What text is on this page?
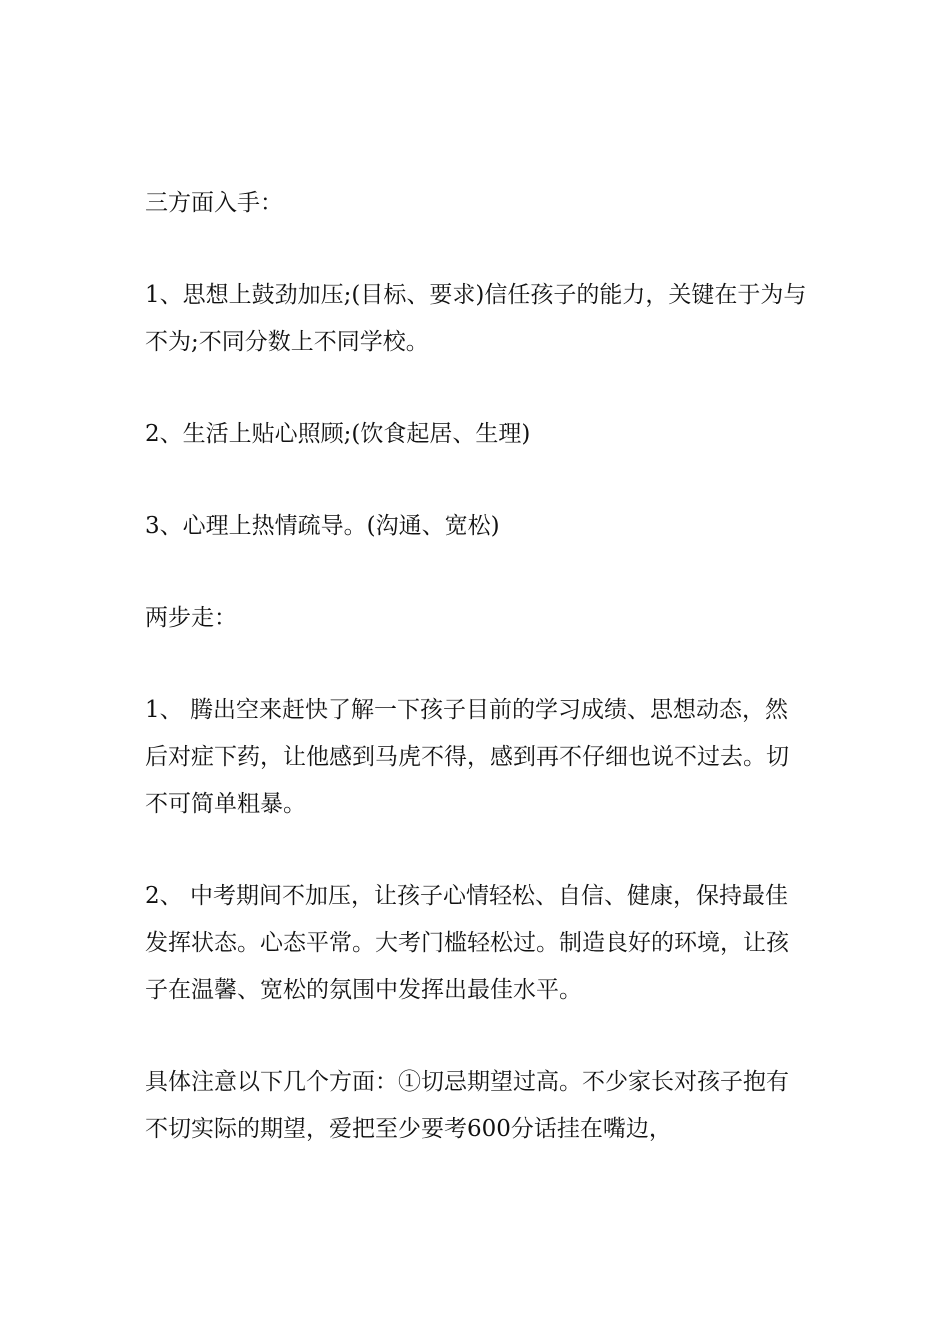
三方面入手：

1、思想上鼓劲加压;(目标、要求)信任孩子的能力，关键在于为与不为;不同分数上不同学校。

2、生活上贴心照顾;(饮食起居、生理)

3、心理上热情疏导。(沟通、宽松)

两步走：

1、 腾出空来赶快了解一下孩子目前的学习成绩、思想动态，然后对症下药，让他感到马虎不得，感到再不仔细也说不过去。切不可简单粗暴。

2、 中考期间不加压，让孩子心情轻松、自信、健康，保持最佳发挥状态。心态平常。大考门槛轻松过。制造良好的环境，让孩子在温馨、宽松的氛围中发挥出最佳水平。

具体注意以下几个方面：①切忌期望过高。不少家长对孩子抱有不切实际的期望，爱把至少要考600分话挂在嘴边，
